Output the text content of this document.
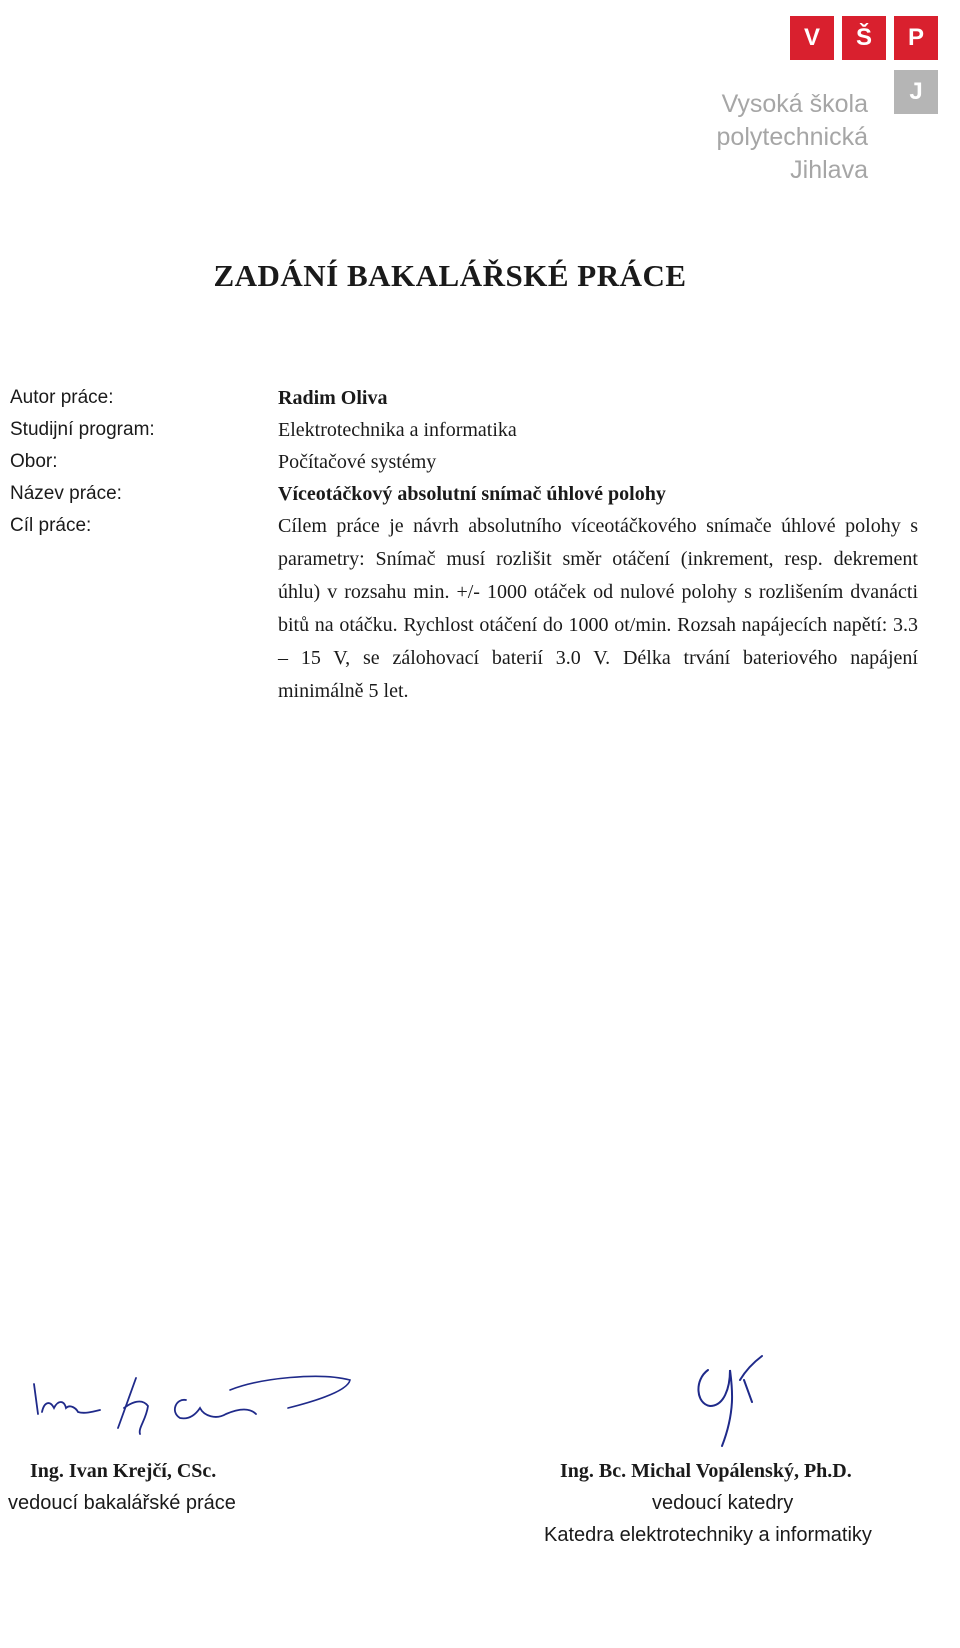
V	Š	P
J
Vysoká škola
polytechnická
Jihlava
ZADÁNÍ BAKALÁŘSKÉ PRÁCE
Autor práce:	Radim Oliva
Studijní program:	Elektrotechnika a informatika
Obor:	Počítačové systémy
Název práce:	Víceotáčkový absolutní snímač úhlové polohy
Cíl práce:	Cílem práce je návrh absolutního víceotáčkového snímače úhlové polohy s parametry: Snímač musí rozlišit směr otáčení (inkrement, resp. dekrement úhlu) v rozsahu min. +/- 1000 otáček od nulové polohy s rozlišením dvanácti bitů na otáčku. Rychlost otáčení do 1000 ot/min. Rozsah napájecích napětí: 3.3 – 15 V, se zálohovací baterií 3.0 V. Délka trvání bateriového napájení minimálně 5 let.
Ing. Ivan Krejčí, CSc.
vedoucí bakalářské práce
Ing. Bc. Michal Vopálenský, Ph.D.
vedoucí katedry
Katedra elektrotechniky a informatiky
